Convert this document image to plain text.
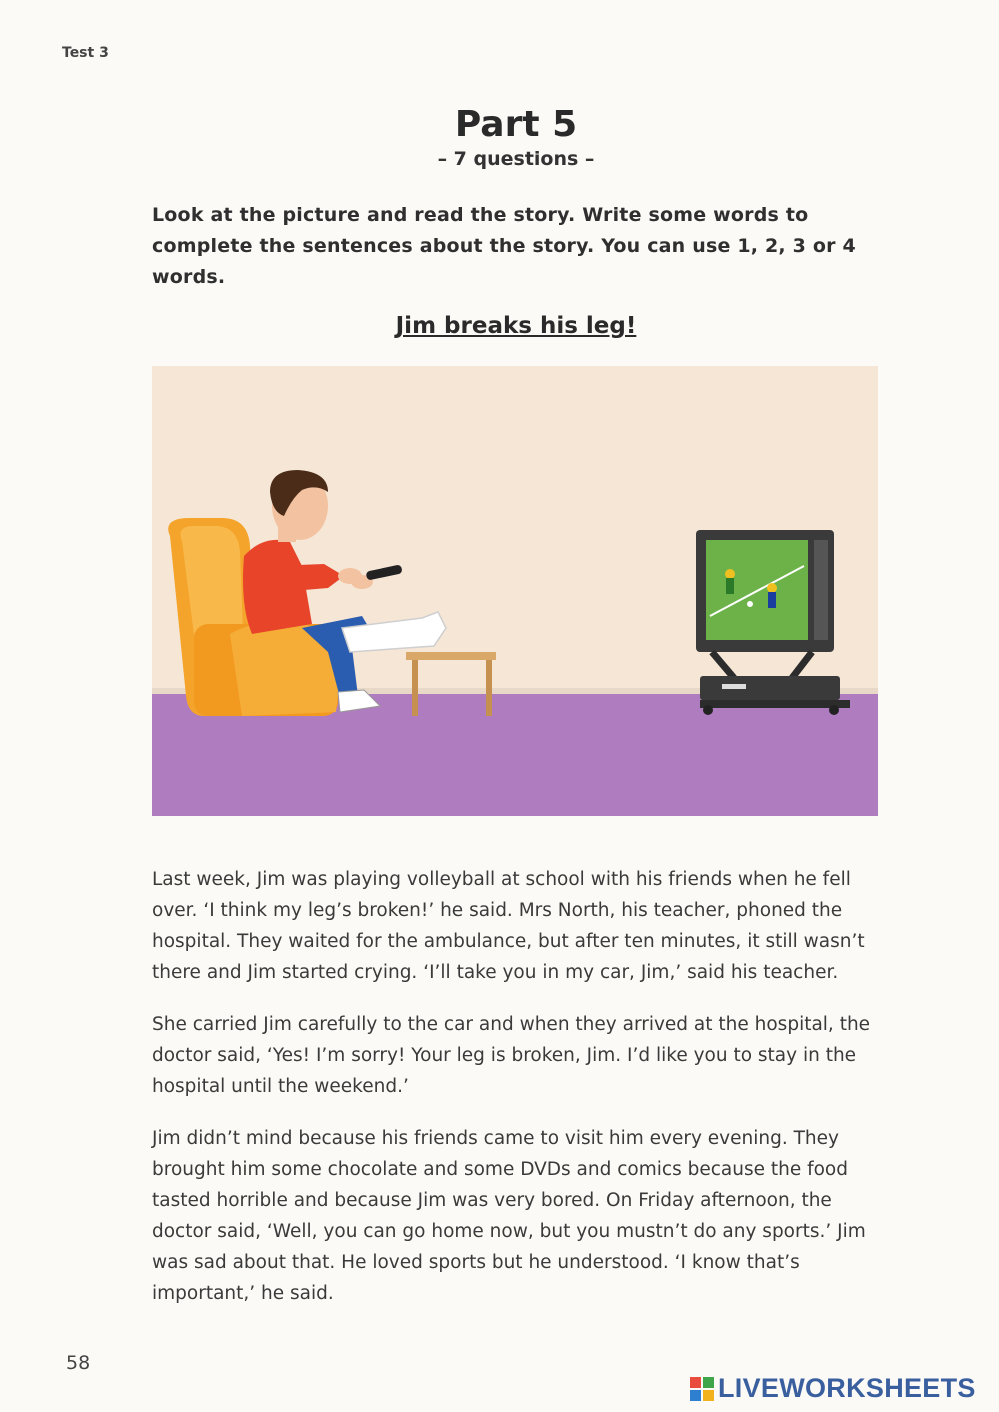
Test 3
Part 5
– 7 questions –
Look at the picture and read the story. Write some words to complete the sentences about the story. You can use 1, 2, 3 or 4 words.
Jim breaks his leg!

Last week, Jim was playing volleyball at school with his friends when he fell over. ‘I think my leg’s broken!’ he said. Mrs North, his teacher, phoned the hospital. They waited for the ambulance, but after ten minutes, it still wasn’t there and Jim started crying. ‘I’ll take you in my car, Jim,’ said his teacher.

She carried Jim carefully to the car and when they arrived at the hospital, the doctor said, ‘Yes! I’m sorry! Your leg is broken, Jim. I’d like you to stay in the hospital until the weekend.’

Jim didn’t mind because his friends came to visit him every evening. They brought him some chocolate and some DVDs and comics because the food tasted horrible and because Jim was very bored. On Friday afternoon, the doctor said, ‘Well, you can go home now, but you mustn’t do any sports.’ Jim was sad about that. He loved sports but he understood. ‘I know that’s important,’ he said.

58
LIVEWORKSHEETS
